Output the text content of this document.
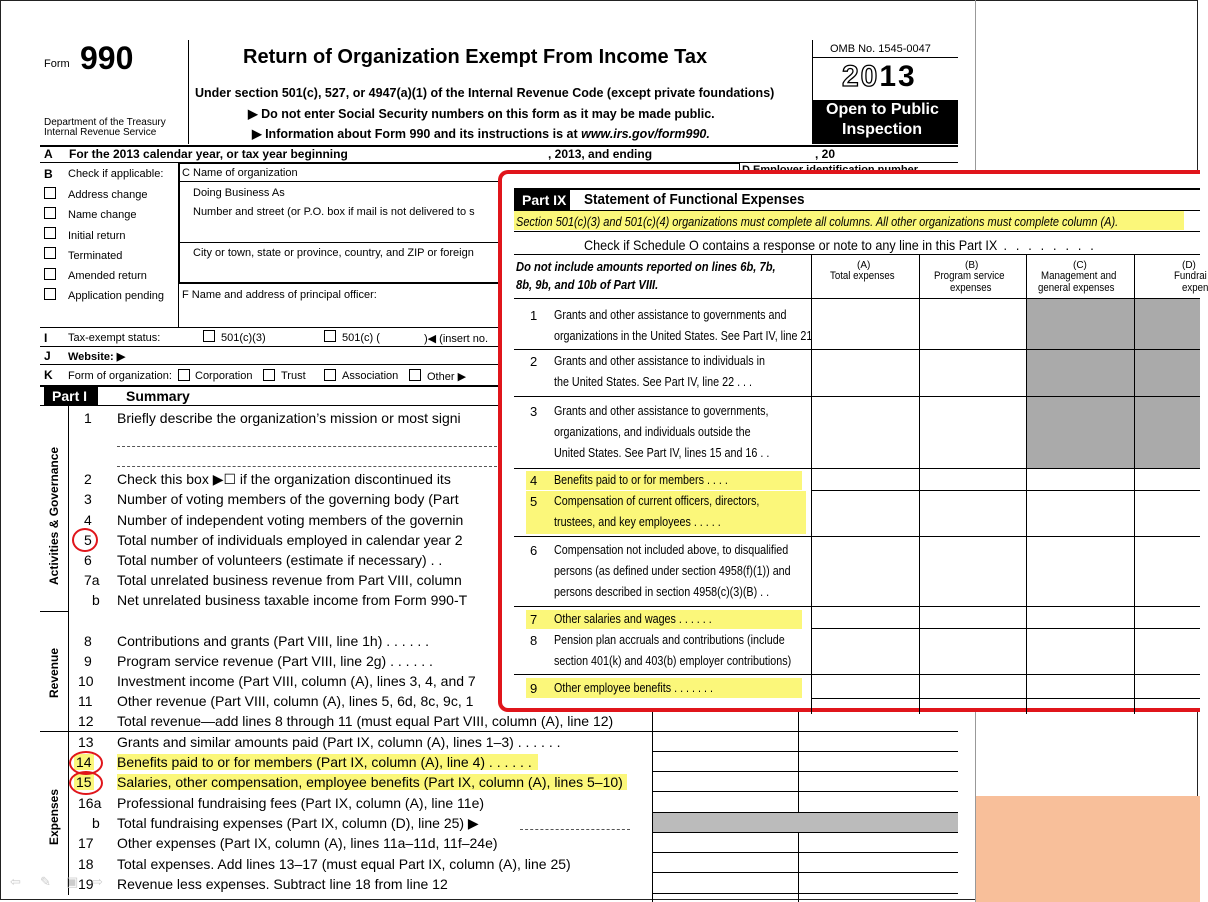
Form 990
Department of the Treasury
Internal Revenue Service
Return of Organization Exempt From Income Tax
Under section 501(c), 527, or 4947(a)(1) of the Internal Revenue Code (except private foundations)
▶ Do not enter Social Security numbers on this form as it may be made public.
▶ Information about Form 990 and its instructions is at www.irs.gov/form990.
OMB No. 1545-0047
2013
Open to Public
Inspection
A For the 2013 calendar year, or tax year beginning	, 2013, and ending	, 20
B Check if applicable:
Address change
Name change
Initial return
Terminated
Amended return
Application pending
C Name of organization
Doing Business As
Number and street (or P.O. box if mail is not delivered to s
City or town, state or province, country, and ZIP or foreign
F Name and address of principal officer:
I Tax-exempt status:	501(c)(3)	501(c) (	)◀ (insert no.
J Website: ▶
K Form of organization: Corporation	Trust	Association	Other ▶
Part I	Summary
Activities & Governance
Revenue
Expenses
1 Briefly describe the organization’s mission or most signi
2 Check this box ▶☐ if the organization discontinued its
3 Number of voting members of the governing body (Part
4 Number of independent voting members of the governin
5 Total number of individuals employed in calendar year 2
6 Total number of volunteers (estimate if necessary) . .
7a Total unrelated business revenue from Part VIII, column
b Net unrelated business taxable income from Form 990-T
8 Contributions and grants (Part VIII, line 1h) . . . . . .
9 Program service revenue (Part VIII, line 2g) . . . . . .
10 Investment income (Part VIII, column (A), lines 3, 4, and 7
11 Other revenue (Part VIII, column (A), lines 5, 6d, 8c, 9c, 1
12 Total revenue—add lines 8 through 11 (must equal Part VIII, column (A), line 12)
13 Grants and similar amounts paid (Part IX, column (A), lines 1–3) . . . . . .
14 Benefits paid to or for members (Part IX, column (A), line 4) . . . . . .
15 Salaries, other compensation, employee benefits (Part IX, column (A), lines 5–10)
16a Professional fundraising fees (Part IX, column (A), line 11e)
b Total fundraising expenses (Part IX, column (D), line 25) ▶
17 Other expenses (Part IX, column (A), lines 11a–11d, 11f–24e)
18 Total expenses. Add lines 13–17 (must equal Part IX, column (A), line 25)
19 Revenue less expenses. Subtract line 18 from line 12
Part IX Statement of Functional Expenses
Section 501(c)(3) and 501(c)(4) organizations must complete all columns. All other organizations must complete column (A).
Check if Schedule O contains a response or note to any line in this Part IX . . . . . . . .
Do not include amounts reported on lines 6b, 7b,
8b, 9b, and 10b of Part VIII.
(A)
Total expenses
(B)
Program service
expenses
(C)
Management and
general expenses
(D)
Fundrai
expen
1 Grants and other assistance to governments and
organizations in the United States. See Part IV, line 21
2 Grants and other assistance to individuals in
the United States. See Part IV, line 22 . . .
3 Grants and other assistance to governments,
organizations, and individuals outside the
United States. See Part IV, lines 15 and 16 . .
4 Benefits paid to or for members . . . .
5 Compensation of current officers, directors,
trustees, and key employees . . . . .
6 Compensation not included above, to disqualified
persons (as defined under section 4958(f)(1)) and
persons described in section 4958(c)(3)(B) . .
7 Other salaries and wages . . . . . .
8 Pension plan accruals and contributions (include
section 401(k) and 403(b) employer contributions)
9 Other employee benefits . . . . . . .
⇦ ✎ ▣ ⇨
